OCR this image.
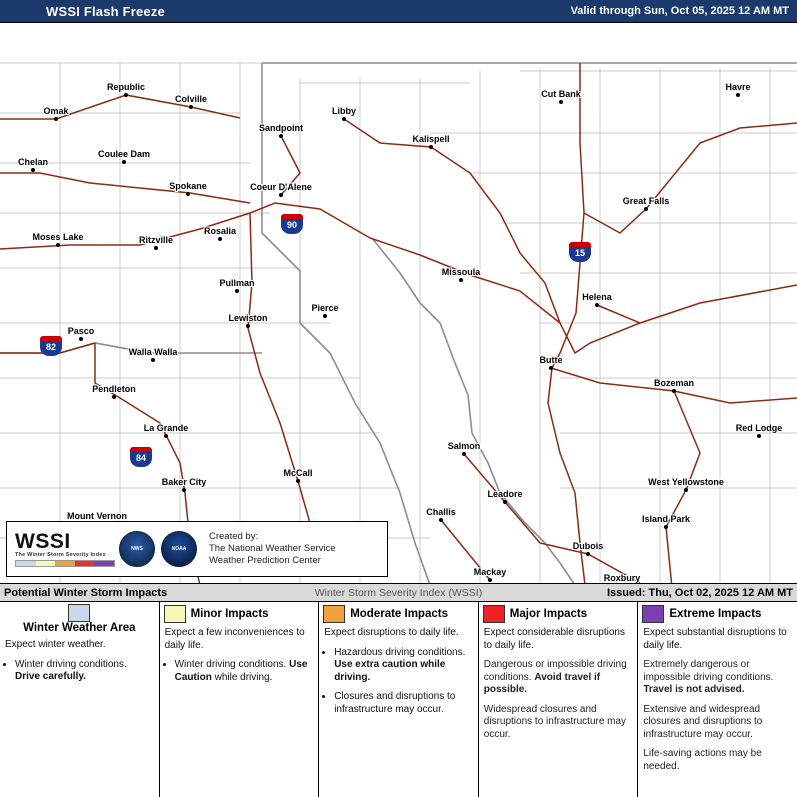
WSSI Flash Freeze	Valid through Sun, Oct 05, 2025 12 AM MT
Omak
Republic
Colville
Sandpoint
Libby
Kalispell
Cut Bank
Havre
Chelan
Coulee Dam
Spokane	Coeur D'Alene
Great Falls
Moses Lake	Ritzville
Rosalia
Missoula
Pullman
Helena
Lewiston
Pierce
Pasco
Walla Walla
Butte
Bozeman
Pendleton
Red Lodge
La Grande
Salmon
West Yellowstone
Baker City
McCall
Leadore
Island Park
Mount Vernon	Challis
Dubois
Mackay
Roxbury
90
15
82
84
WSSI
The Winter Storm Severity Index
NWS	NOAA
Created by:
The National Weather Service
Weather Prediction Center
Potential Winter Storm Impacts	Winter Storm Severity Index (WSSI)	Issued: Thu, Oct 02, 2025 12 AM MT
Winter Weather Area

Expect winter weather.

• Winter driving conditions. Drive carefully.
Minor Impacts

Expect a few inconveniences to daily life.

• Winter driving conditions. Use Caution while driving.
Moderate Impacts

Expect disruptions to daily life.

• Hazardous driving conditions. Use extra caution while driving.
• Closures and disruptions to infrastructure may occur.
Major Impacts

Expect considerable disruptions to daily life.

Dangerous or impossible driving conditions. Avoid travel if possible.

Widespread closures and disruptions to infrastructure may occur.

Extreme Impacts

Expect substantial disruptions to daily life.

Extremely dangerous or impossible driving conditions. Travel is not advised.

Extensive and widespread closures and disruptions to infrastructure may occur.

Life-saving actions may be needed.
